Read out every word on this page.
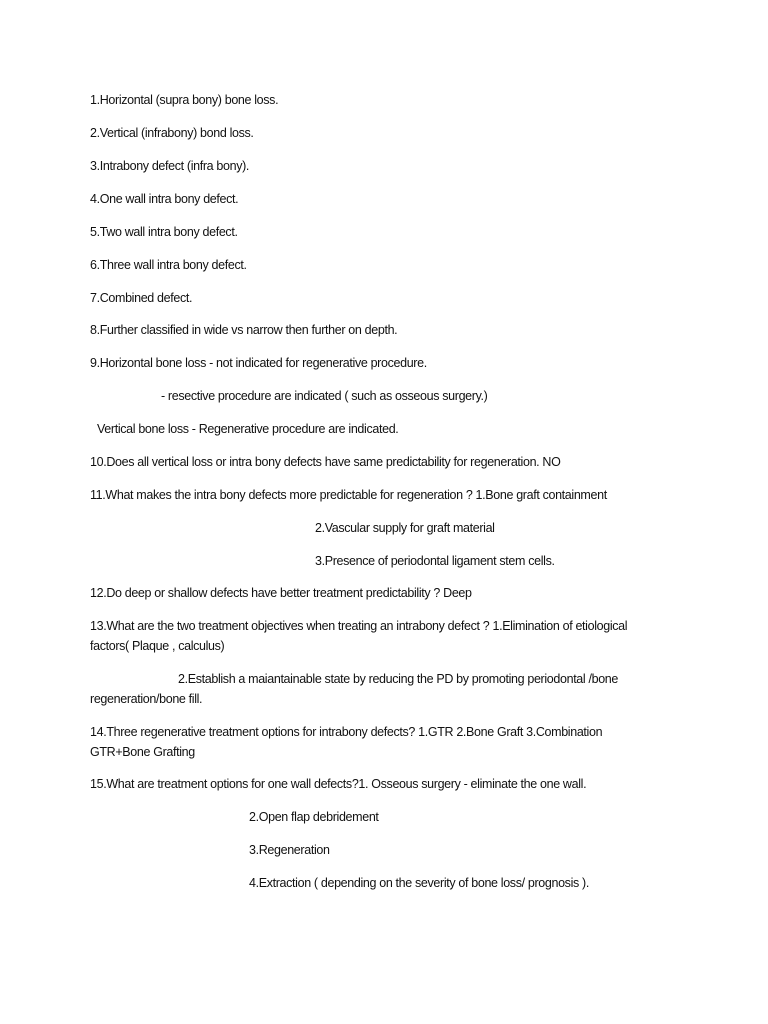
1.Horizontal (supra bony) bone loss.

2.Vertical (infrabony) bond loss.

3.Intrabony defect (infra bony).

4.One wall intra bony defect.

5.Two wall intra bony defect.

6.Three wall intra bony defect.

7.Combined defect.

8.Further classified in wide vs narrow then further on depth.

9.Horizontal bone loss - not indicated for regenerative procedure.

- resective procedure are indicated ( such as osseous surgery.)

Vertical bone loss - Regenerative procedure are indicated.

10.Does all vertical loss or intra bony defects have same predictability for regeneration. NO

11.What makes the intra bony defects more predictable for regeneration ? 1.Bone graft containment

2.Vascular supply for graft material

3.Presence of periodontal ligament stem cells.

12.Do deep or shallow defects have better treatment predictability ? Deep

13.What are the two treatment objectives when treating an intrabony defect ? 1.Elimination of etiological

factors( Plaque , calculus)

2.Establish a maiantainable state by reducing the PD by promoting periodontal /bone

regeneration/bone fill.

14.Three regenerative treatment options for intrabony defects? 1.GTR 2.Bone Graft 3.Combination

GTR+Bone Grafting

15.What are treatment options for one wall defects?1. Osseous surgery - eliminate the one wall.

2.Open flap debridement

3.Regeneration

4.Extraction ( depending on the severity of bone loss/ prognosis ).
